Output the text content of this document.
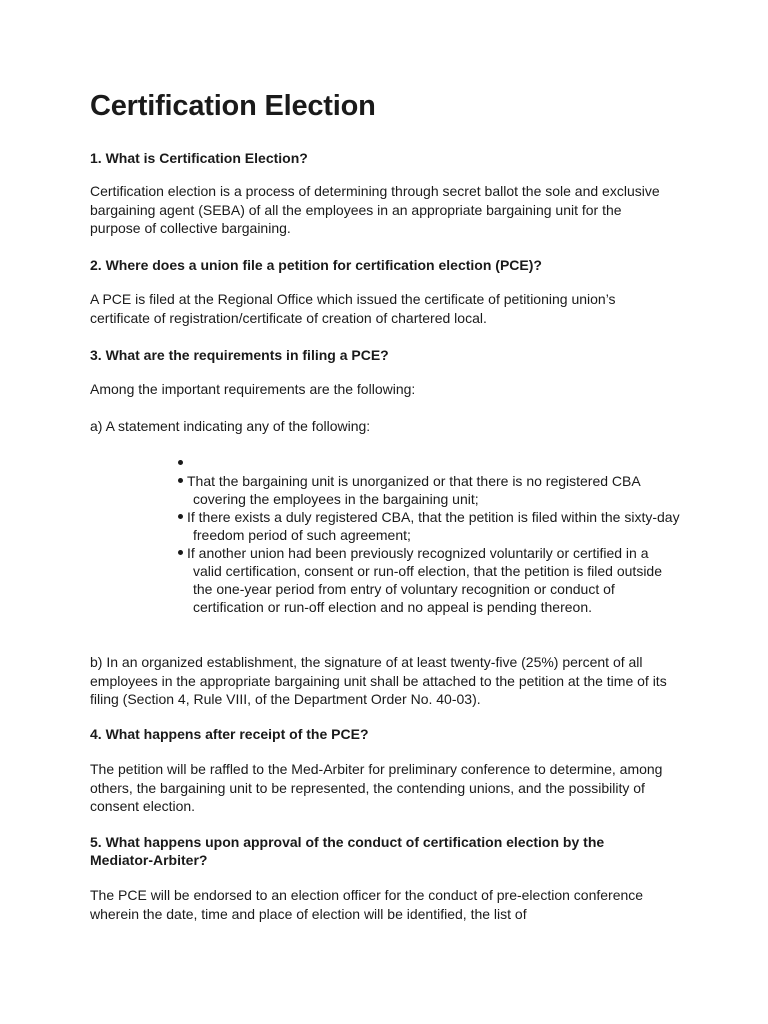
Certification Election

1. What is Certification Election?

Certification election is a process of determining through secret ballot the sole and exclusive bargaining agent (SEBA) of all the employees in an appropriate bargaining unit for the purpose of collective bargaining.

2. Where does a union file a petition for certification election (PCE)?

A PCE is filed at the Regional Office which issued the certificate of petitioning union’s certificate of registration/certificate of creation of chartered local.

3. What are the requirements in filing a PCE?

Among the important requirements are the following:

a) A statement indicating any of the following:

That the bargaining unit is unorganized or that there is no registered CBA covering the employees in the bargaining unit;
If there exists a duly registered CBA, that the petition is filed within the sixty-day freedom period of such agreement;
If another union had been previously recognized voluntarily or certified in a valid certification, consent or run-off election, that the petition is filed outside the one-year period from entry of voluntary recognition or conduct of certification or run-off election and no appeal is pending thereon.

b) In an organized establishment, the signature of at least twenty-five (25%) percent of all employees in the appropriate bargaining unit shall be attached to the petition at the time of its filing (Section 4, Rule VIII, of the Department Order No. 40-03).

4. What happens after receipt of the PCE?

The petition will be raffled to the Med-Arbiter for preliminary conference to determine, among others, the bargaining unit to be represented, the contending unions, and the possibility of consent election.

5. What happens upon approval of the conduct of certification election by the Mediator-Arbiter?

The PCE will be endorsed to an election officer for the conduct of pre-election conference wherein the date, time and place of election will be identified, the list of
